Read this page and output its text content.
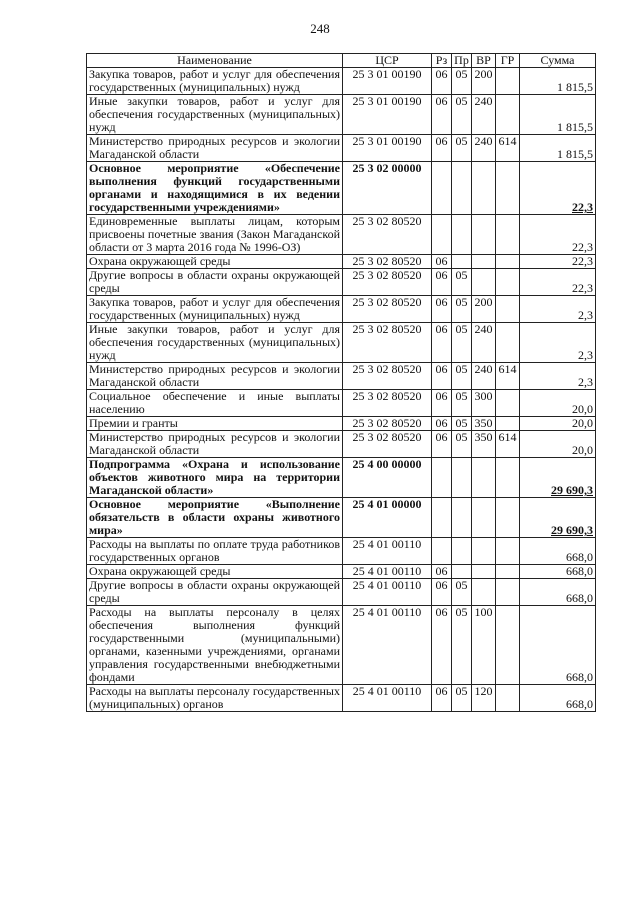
248
Наименование	ЦСР	Рз	Пр	ВР	ГР	Сумма
Закупка товаров, работ и услуг для обеспечения государственных (муниципальных) нужд	25 3 01 00190	06	05	200		1 815,5
Иные закупки товаров, работ и услуг для обеспечения государственных (муниципальных) нужд	25 3 01 00190	06	05	240		1 815,5
Министерство природных ресурсов и экологии Магаданской области	25 3 01 00190	06	05	240	614	1 815,5
Основное мероприятие «Обеспечение выполнения функций государственными органами и находящимися в их ведении государственными учреждениями»	25 3 02 00000					22,3
Единовременные выплаты лицам, которым присвоены почетные звания (Закон Магаданской области от 3 марта 2016 года № 1996-ОЗ)	25 3 02 80520					22,3
Охрана окружающей среды	25 3 02 80520	06				22,3
Другие вопросы в области охраны окружающей среды	25 3 02 80520	06	05			22,3
Закупка товаров, работ и услуг для обеспечения государственных (муниципальных) нужд	25 3 02 80520	06	05	200		2,3
Иные закупки товаров, работ и услуг для обеспечения государственных (муниципальных) нужд	25 3 02 80520	06	05	240		2,3
Министерство природных ресурсов и экологии Магаданской области	25 3 02 80520	06	05	240	614	2,3
Социальное обеспечение и иные выплаты населению	25 3 02 80520	06	05	300		20,0
Премии и гранты	25 3 02 80520	06	05	350		20,0
Министерство природных ресурсов и экологии Магаданской области	25 3 02 80520	06	05	350	614	20,0
Подпрограмма «Охрана и использование объектов животного мира на территории Магаданской области»	25 4 00 00000					29 690,3
Основное мероприятие «Выполнение обязательств в области охраны животного мира»	25 4 01 00000					29 690,3
Расходы на выплаты по оплате труда работников государственных органов	25 4 01 00110					668,0
Охрана окружающей среды	25 4 01 00110	06				668,0
Другие вопросы в области охраны окружающей среды	25 4 01 00110	06	05			668,0
Расходы на выплаты персоналу в целях обеспечения выполнения функций государственными (муниципальными) органами, казенными учреждениями, органами управления государственными внебюджетными фондами	25 4 01 00110	06	05	100		668,0
Расходы на выплаты персоналу государственных (муниципальных) органов	25 4 01 00110	06	05	120		668,0
